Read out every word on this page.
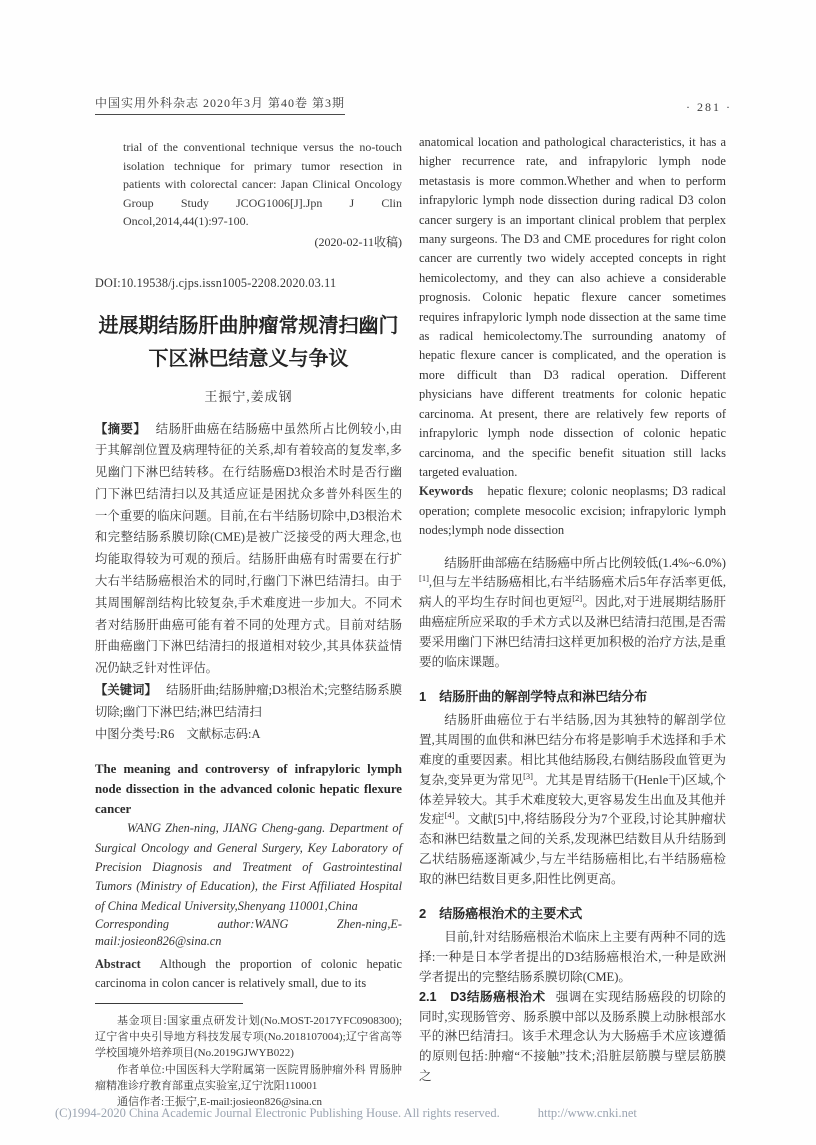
中国实用外科杂志 2020年3月 第40卷 第3期	· 281 ·

trial of the conventional technique versus the no-touch isolation technique for primary tumor resection in patients with colorectal cancer: Japan Clinical Oncology Group Study JCOG1006[J].Jpn J Clin Oncol,2014,44(1):97-100.

(2020-02-11收稿)

DOI:10.19538/j.cjps.issn1005-2208.2020.03.11

进展期结肠肝曲肿瘤常规清扫幽门
下区淋巴结意义与争议

王振宁,姜成钢

【摘要】 结肠肝曲癌在结肠癌中虽然所占比例较小,由于其解剖位置及病理特征的关系,却有着较高的复发率,多见幽门下淋巴结转移。在行结肠癌D3根治术时是否行幽门下淋巴结清扫以及其适应证是困扰众多普外科医生的一个重要的临床问题。目前,在右半结肠切除中,D3根治术和完整结肠系膜切除(CME)是被广泛接受的两大理念,也均能取得较为可观的预后。结肠肝曲癌有时需要在行扩大右半结肠癌根治术的同时,行幽门下淋巴结清扫。由于其周围解剖结构比较复杂,手术难度进一步加大。不同术者对结肠肝曲癌可能有着不同的处理方式。目前对结肠肝曲癌幽门下淋巴结清扫的报道相对较少,其具体获益情况仍缺乏针对性评估。

【关键词】 结肠肝曲;结肠肿瘤;D3根治术;完整结肠系膜切除;幽门下淋巴结;淋巴结清扫

中图分类号:R6　文献标志码:A

The meaning and controversy of infrapyloric lymph node dissection in the advanced colonic hepatic flexure cancer

WANG Zhen-ning, JIANG Cheng-gang. Department of Surgical Oncology and General Surgery, Key Laboratory of Precision Diagnosis and Treatment of Gastrointestinal Tumors (Ministry of Education), the First Affiliated Hospital of China Medical University,Shenyang 110001,China

Corresponding author:WANG Zhen-ning,E-mail:josieon826@sina.cn

Abstract Although the proportion of colonic hepatic carcinoma in colon cancer is relatively small, due to its

基金项目:国家重点研发计划(No.MOST-2017YFC0908300);辽宁省中央引导地方科技发展专项(No.2018107004);辽宁省高等学校国境外培养项目(No.2019GJWYB022)

作者单位:中国医科大学附属第一医院胃肠肿瘤外科 胃肠肿瘤精准诊疗教育部重点实验室,辽宁沈阳110001

通信作者:王振宁,E-mail:josieon826@sina.cn

anatomical location and pathological characteristics, it has a higher recurrence rate, and infrapyloric lymph node metastasis is more common.Whether and when to perform infrapyloric lymph node dissection during radical D3 colon cancer surgery is an important clinical problem that perplex many surgeons. The D3 and CME procedures for right colon cancer are currently two widely accepted concepts in right hemicolectomy, and they can also achieve a considerable prognosis. Colonic hepatic flexure cancer sometimes requires infrapyloric lymph node dissection at the same time as radical hemicolectomy.The surrounding anatomy of hepatic flexure cancer is complicated, and the operation is more difficult than D3 radical operation. Different physicians have different treatments for colonic hepatic carcinoma. At present, there are relatively few reports of infrapyloric lymph node dissection of colonic hepatic carcinoma, and the specific benefit situation still lacks targeted evaluation.

Keywords hepatic flexure; colonic neoplasms; D3 radical operation; complete mesocolic excision; infrapyloric lymph nodes;lymph node dissection

结肠肝曲部癌在结肠癌中所占比例较低(1.4%~6.0%)[1],但与左半结肠癌相比,右半结肠癌术后5年存活率更低,病人的平均生存时间也更短[2]。因此,对于进展期结肠肝曲癌症所应采取的手术方式以及淋巴结清扫范围,是否需要采用幽门下淋巴结清扫这样更加积极的治疗方法,是重要的临床课题。

1　结肠肝曲的解剖学特点和淋巴结分布

结肠肝曲癌位于右半结肠,因为其独特的解剖学位置,其周围的血供和淋巴结分布将是影响手术选择和手术难度的重要因素。相比其他结肠段,右侧结肠段血管更为复杂,变异更为常见[3]。尤其是胃结肠干(Henle干)区域,个体差异较大。其手术难度较大,更容易发生出血及其他并发症[4]。文献[5]中,将结肠段分为7个亚段,讨论其肿瘤状态和淋巴结数量之间的关系,发现淋巴结数目从升结肠到乙状结肠癌逐渐减少,与左半结肠癌相比,右半结肠癌检取的淋巴结数目更多,阳性比例更高。

2　结肠癌根治术的主要术式

目前,针对结肠癌根治术临床上主要有两种不同的选择:一种是日本学者提出的D3结肠癌根治术,一种是欧洲学者提出的完整结肠系膜切除(CME)。

2.1　D3结肠癌根治术 强调在实现结肠癌段的切除的同时,实现肠管旁、肠系膜中部以及肠系膜上动脉根部水平的淋巴结清扫。该手术理念认为大肠癌手术应该遵循的原则包括:肿瘤“不接触”技术;沿脏层筋膜与壁层筋膜之

(C)1994-2020 China Academic Journal Electronic Publishing House. All rights reserved.	http://www.cnki.net
